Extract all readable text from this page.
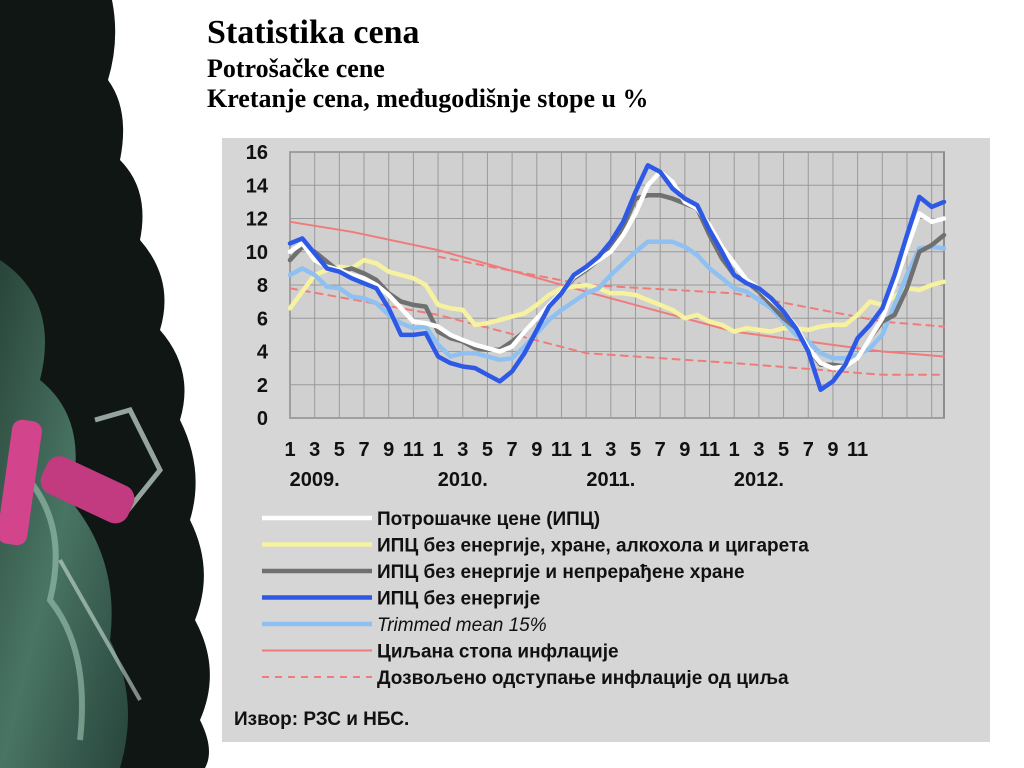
Statistika cena
Potrošačke cene
Kretanje cena, međugodišnje stope u %
0
2
4
6
8
10
12
14
16
1 3 5 7 9 11 1 3 5 7 9 11 1 3 5 7 9 11 1 3 5 7 9 11
2009.	2010.	2011.	2012.
Потрошачке цене (ИПЦ)
ИПЦ без енергије, хране, алкохола и цигарета
ИПЦ без енергије и непрерађене хране
ИПЦ без енергије
Trimmed mean 15%
Циљана стопа инфлације
Дозвољено одступање инфлације од циља
Извор: РЗС и НБС.
